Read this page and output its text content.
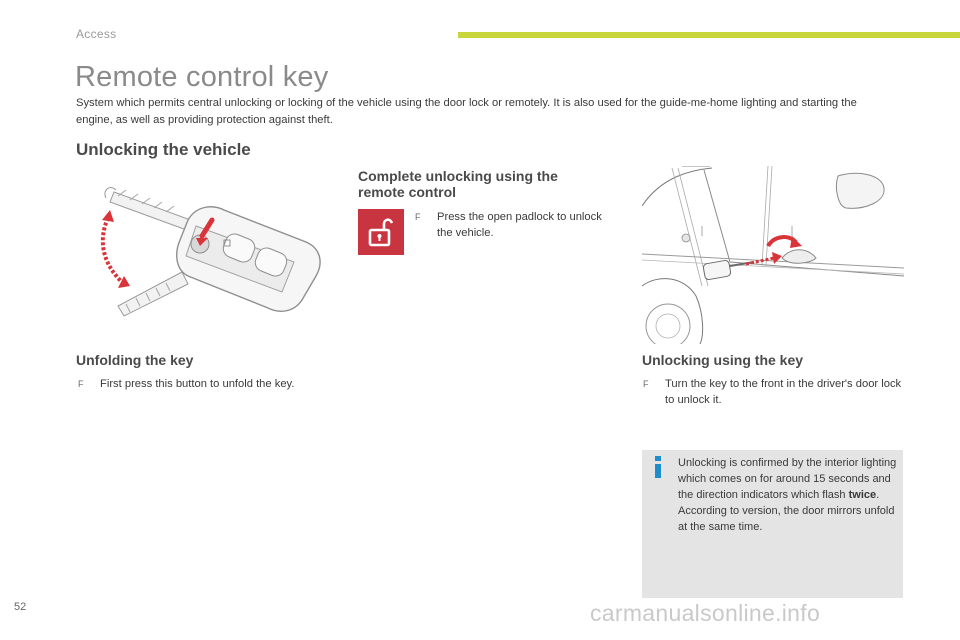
Access
Remote control key
System which permits central unlocking or locking of the vehicle using the door lock or remotely. It is also used for the guide-me-home lighting and starting the engine, as well as providing protection against theft.
Unlocking the vehicle
Unfolding the key
F	First press this button to unfold the key.
Complete unlocking using the remote control
F	Press the open padlock to unlock the vehicle.
Unlocking using the key
F	Turn the key to the front in the driver's door lock to unlock it.
Unlocking is confirmed by the interior lighting which comes on for around 15 seconds and the direction indicators which flash twice.
According to version, the door mirrors unfold at the same time.
52	carmanualsonline.info
